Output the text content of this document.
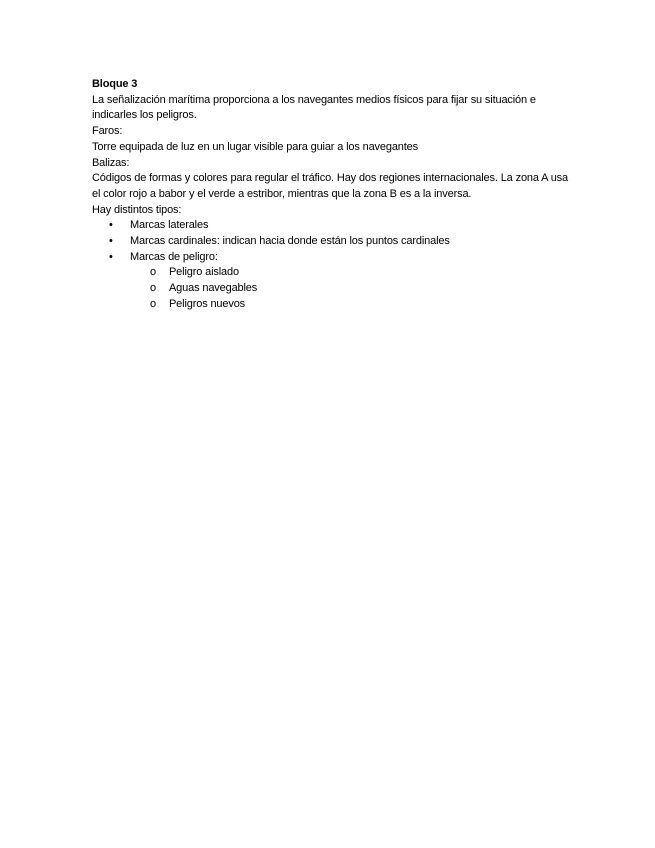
Bloque 3

La señalización marítima proporciona a los navegantes medios físicos para fijar su situación e indicarles los peligros.

Faros:

Torre equipada de luz en un lugar visible para guiar a los navegantes

Balizas:

Códigos de formas y colores para regular el tráfico. Hay dos regiones internacionales. La zona A usa el color rojo a babor y el verde a estribor, mientras que la zona B es a la inversa.

Hay distintos tipos:

• Marcas laterales
• Marcas cardinales: indican hacia donde están los puntos cardinales
• Marcas de peligro:
o Peligro aislado
o Aguas navegables
o Peligros nuevos
